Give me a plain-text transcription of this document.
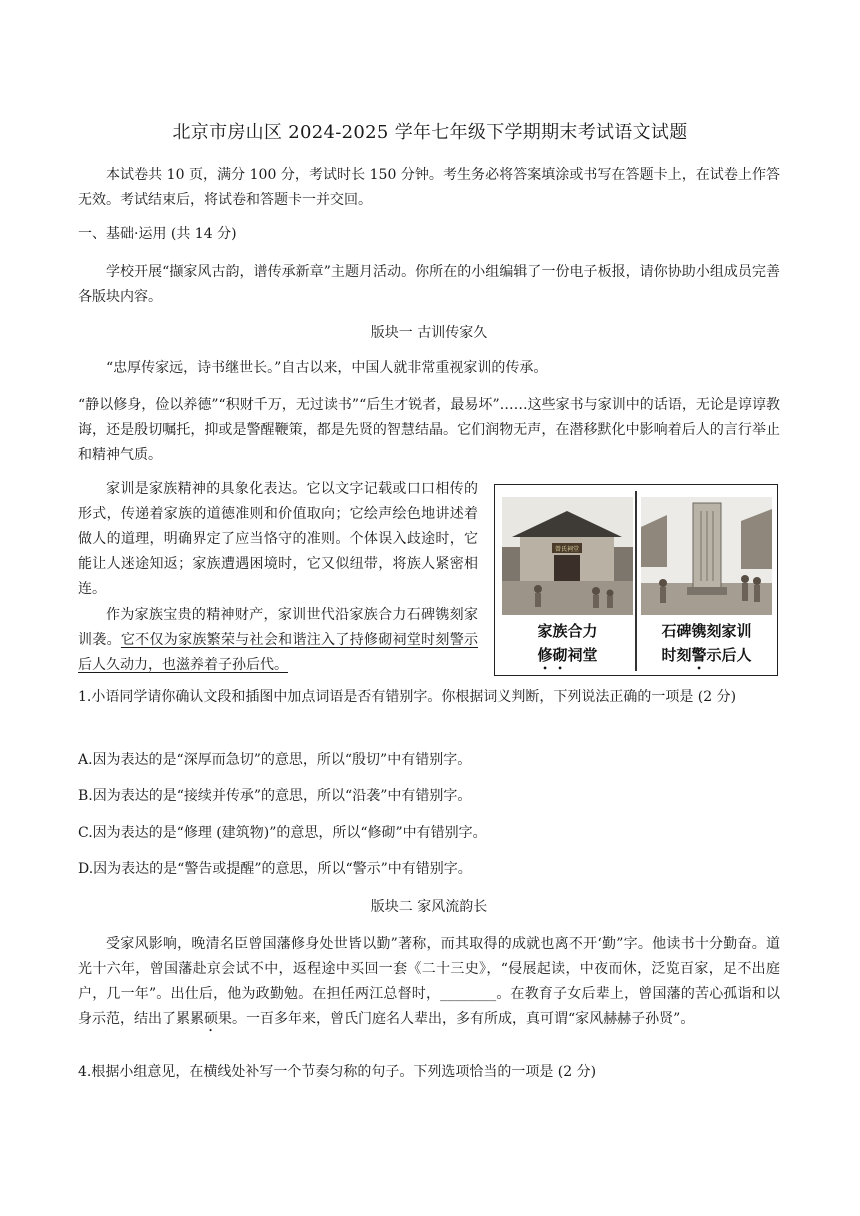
北京市房山区 2024-2025 学年七年级下学期期末考试语文试题
本试卷共 10 页，满分 100 分，考试时长 150 分钟。考生务必将答案填涂或书写在答题卡上，在试卷上作答无效。考试结束后，将试卷和答题卡一并交回。
一、基础·运用 (共 14 分)
学校开展“撷家风古韵，谱传承新章”主题月活动。你所在的小组编辑了一份电子板报，请你协助小组成员完善各版块内容。
版块一 古训传家久
“忠厚传家远，诗书继世长。”自古以来，中国人就非常重视家训的传承。
“静以修身，俭以养德”“积财千万，无过读书”“后生才锐者，最易坏”……这些家书与家训中的话语，无论是谆谆教诲，还是殷切嘱托，抑或是警醒鞭策，都是先贤的智慧结晶。它们润物无声，在潜移默化中影响着后人的言行举止和精神气质。
家训是家族精神的具象化表达。它以文字记载或口口相传的形式，传递着家族的道德准则和价值取向；它绘声绘色地讲述着做人的道理，明确界定了应当恪守的准则。个体误入歧途时，它能让人迷途知返；家族遭遇困境时，它又似纽带，将族人紧密相连。
作为家族宝贵的精神财产，家训世代沿家族合力石碑镌刻家训袭。它不仅为家族繁荣与社会和谐注入了持修砌祠堂时刻警示后人久动力，也滋养着子孙后代。
曾氏祠堂
家族合力
修砌祠堂
石碑镌刻家训
时刻警示后人
1.小语同学请你确认文段和插图中加点词语是否有错别字。你根据词义判断，下列说法正确的一项是 (2 分)
A.因为表达的是“深厚而急切”的意思，所以“殷切”中有错别字。
B.因为表达的是“接续并传承”的意思，所以“沿袭”中有错别字。
C.因为表达的是“修理 (建筑物)”的意思，所以“修砌”中有错别字。
D.因为表达的是“警告或提醒”的意思，所以“警示”中有错别字。
版块二 家风流韵长
受家风影响，晚清名臣曾国藩修身处世皆以勤”著称，而其取得的成就也离不开‘勤”字。他读书十分勤奋。道光十六年，曾国藩赴京会试不中，返程途中买回一套《二十三史》，“侵展起读，中夜而休，泛览百家，足不出庭户，几一年”。出仕后，他为政勤勉。在担任两江总督时，________。在教育子女后辈上，曾国藩的苦心孤诣和以身示范，结出了累累硕果。一百多年来，曾氏门庭名人辈出，多有所成，真可谓“家风赫赫子孙贤”。
4.根据小组意见，在横线处补写一个节奏匀称的句子。下列选项恰当的一项是 (2 分)
